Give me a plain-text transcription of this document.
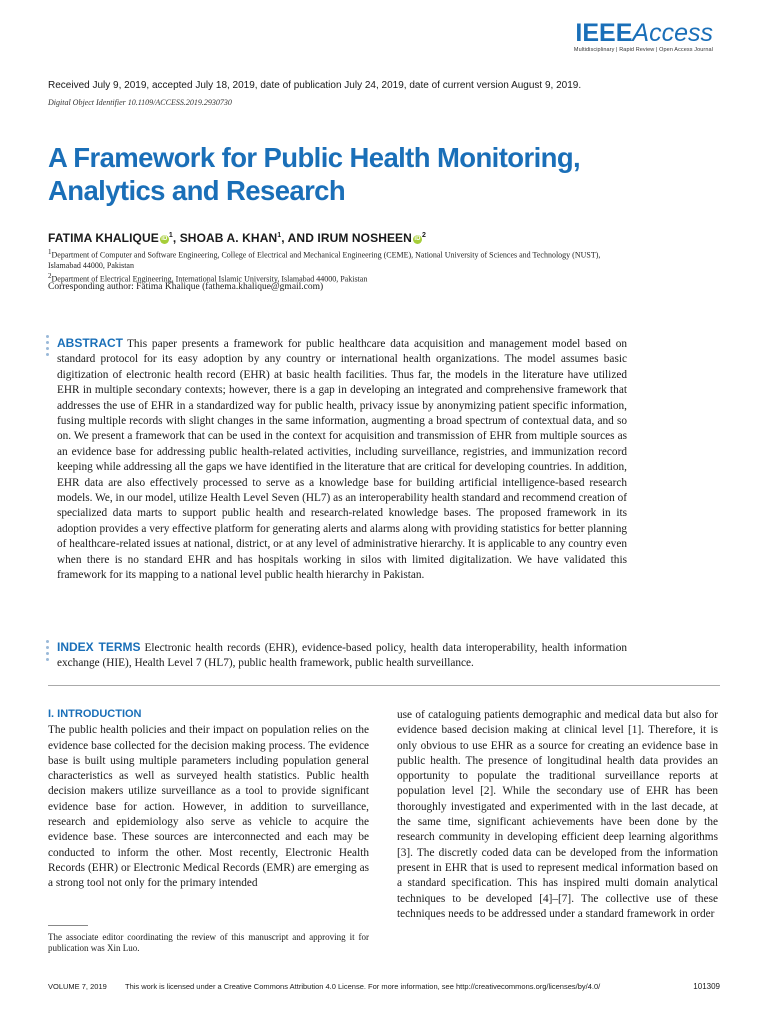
IEEEAccess
Multidisciplinary | Rapid Review | Open Access Journal
Received July 9, 2019, accepted July 18, 2019, date of publication July 24, 2019, date of current version August 9, 2019.
Digital Object Identifier 10.1109/ACCESS.2019.2930730
A Framework for Public Health Monitoring, Analytics and Research
FATIMA KHALIQUE $iD^1$, SHOAB A. KHAN$^1$, AND IRUM NOSHEEN $iD^2$
$^1$Department of Computer and Software Engineering, College of Electrical and Mechanical Engineering (CEME), National University of Sciences and Technology (NUST), Islamabad 44000, Pakistan
$^2$Department of Electrical Engineering, International Islamic University, Islamabad 44000, Pakistan
Corresponding author: Fatima Khalique (fathema.khalique@gmail.com)
ABSTRACT This paper presents a framework for public healthcare data acquisition and management model based on standard protocol for its easy adoption by any country or international health organizations. The model assumes basic digitization of electronic health record (EHR) at basic health facilities. Thus far, the models in the literature have utilized EHR in multiple secondary contexts; however, there is a gap in developing an integrated and comprehensive framework that addresses the use of EHR in a standardized way for public health, privacy issue by anonymizing patient specific information, fusing multiple records with slight changes in the same information, augmenting a broad spectrum of contextual data, and so on. We present a framework that can be used in the context for acquisition and transmission of EHR from multiple sources as an evidence base for addressing public health-related activities, including surveillance, registries, and immunization record keeping while addressing all the gaps we have identified in the literature that are critical for developing countries. In addition, EHR data are also effectively processed to serve as a knowledge base for building artificial intelligence-based research models. We, in our model, utilize Health Level Seven (HL7) as an interoperability health standard and recommend creation of specialized data marts to support public health and research-related knowledge bases. The proposed framework in its adoption provides a very effective platform for generating alerts and alarms along with providing statistics for better planning of healthcare-related issues at national, district, or at any level of administrative hierarchy. It is applicable to any country even when there is no standard EHR and has hospitals working in silos with limited digitalization. We have validated this framework for its mapping to a national level public health hierarchy in Pakistan.
INDEX TERMS Electronic health records (EHR), evidence-based policy, health data interoperability, health information exchange (HIE), Health Level 7 (HL7), public health framework, public health surveillance.
I. INTRODUCTION
The public health policies and their impact on population relies on the evidence base collected for the decision making process. The evidence base is built using multiple parameters including population general characteristics as well as surveyed health statistics. Public health decision makers utilize surveillance as a tool to provide significant evidence base for action. However, in addition to surveillance, research and epidemiology also serve as vehicle to acquire the evidence base. These sources are interconnected and each may be conducted to inform the other. Most recently, Electronic Health Records (EHR) or Electronic Medical Records (EMR) are emerging as a strong tool not only for the primary intended
use of cataloguing patients demographic and medical data but also for evidence based decision making at clinical level [1]. Therefore, it is only obvious to use EHR as a source for creating an evidence base in public health. The presence of longitudinal health data provides an opportunity to populate the traditional surveillance reports at population level [2]. While the secondary use of EHR has been thoroughly investigated and experimented with in the last decade, at the same time, significant achievements have been done by the research community in developing efficient deep learning algorithms [3]. The discretly coded data can be developed from the information present in EHR that is used to represent medical information based on a standard specification. This has inspired multi domain analytical techniques to be developed [4]–[7]. The collective use of these techniques needs to be addressed under a standard framework in order
The associate editor coordinating the review of this manuscript and approving it for publication was Xin Luo.
VOLUME 7, 2019 This work is licensed under a Creative Commons Attribution 4.0 License. For more information, see http://creativecommons.org/licenses/by/4.0/	101309
